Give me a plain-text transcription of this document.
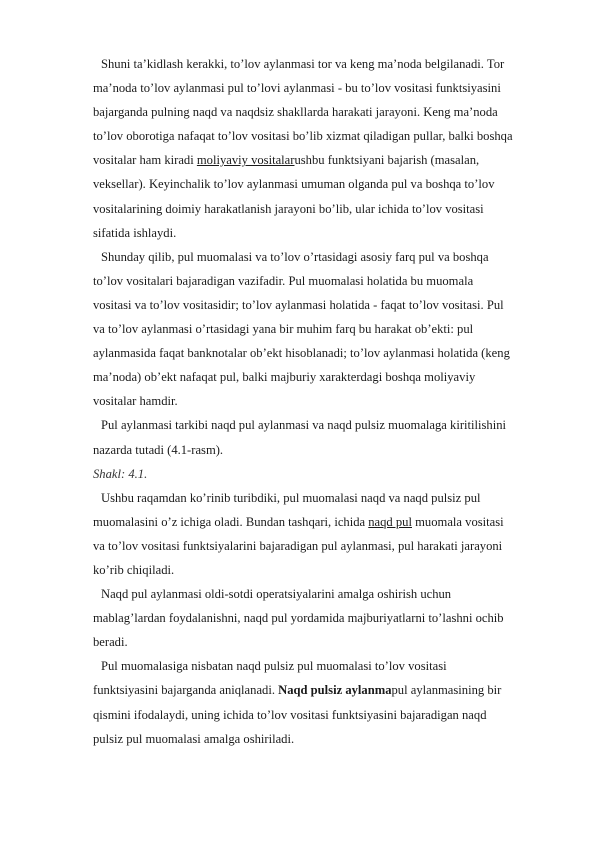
Shuni ta’kidlash kerakki, to’lov aylanmasi tor va keng ma’noda belgilanadi. Tor
ma’noda to’lov aylanmasi pul to’lovi aylanmasi - bu to’lov vositasi funktsiyasini
bajarganda pulning naqd va naqdsiz shakllarda harakati jarayoni. Keng ma’noda
to’lov oborotiga nafaqat to’lov vositasi bo’lib xizmat qiladigan pullar, balki boshqa
vositalar ham kiradi moliyaviy vositalarushbu funktsiyani bajarish (masalan,
veksellar). Keyinchalik to’lov aylanmasi umuman olganda pul va boshqa to’lov
vositalarining doimiy harakatlanish jarayoni bo’lib, ular ichida to’lov vositasi
sifatida ishlaydi.
Shunday qilib, pul muomalasi va to’lov o’rtasidagi asosiy farq pul va boshqa
to’lov vositalari bajaradigan vazifadir. Pul muomalasi holatida bu muomala
vositasi va to’lov vositasidir; to’lov aylanmasi holatida - faqat to’lov vositasi. Pul
va to’lov aylanmasi o’rtasidagi yana bir muhim farq bu harakat ob’ekti: pul
aylanmasida faqat banknotalar ob’ekt hisoblanadi; to’lov aylanmasi holatida (keng
ma’noda) ob’ekt nafaqat pul, balki majburiy xarakterdagi boshqa moliyaviy
vositalar hamdir.
Pul aylanmasi tarkibi naqd pul aylanmasi va naqd pulsiz muomalaga kiritilishini
nazarda tutadi (4.1-rasm).
Shakl: 4.1.
Ushbu raqamdan ko’rinib turibdiki, pul muomalasi naqd va naqd pulsiz pul
muomalasini o’z ichiga oladi. Bundan tashqari, ichida naqd pul muomala vositasi
va to’lov vositasi funktsiyalarini bajaradigan pul aylanmasi, pul harakati jarayoni
ko’rib chiqiladi.
Naqd pul aylanmasi oldi-sotdi operatsiyalarini amalga oshirish uchun
mablag’lardan foydalanishni, naqd pul yordamida majburiyatlarni to’lashni ochib
beradi.
Pul muomalasiga nisbatan naqd pulsiz pul muomalasi to’lov vositasi
funktsiyasini bajarganda aniqlanadi. Naqd pulsiz aylanmapul aylanmasining bir
qismini ifodalaydi, uning ichida to’lov vositasi funktsiyasini bajaradigan naqd
pulsiz pul muomalasi amalga oshiriladi.
